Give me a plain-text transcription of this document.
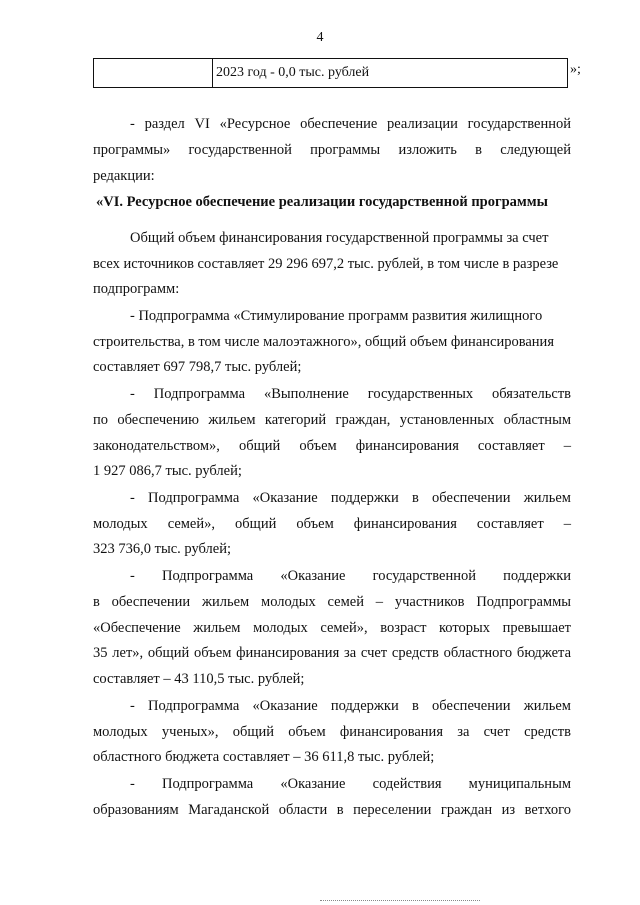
4
2023 год - 0,0 тыс. рублей	»;
- раздел VI «Ресурсное обеспечение реализации государственной
программы» государственной программы изложить в следующей
редакции:
«VI. Ресурсное обеспечение реализации государственной программы
Общий объем финансирования государственной программы за счет
всех источников составляет 29 296 697,2 тыс. рублей, в том числе в разрезе
подпрограмм:
- Подпрограмма «Стимулирование программ развития жилищного
строительства, в том числе малоэтажного», общий объем финансирования
составляет 697 798,7 тыс. рублей;
- Подпрограмма «Выполнение государственных обязательств
по обеспечению жильем категорий граждан, установленных областным
законодательством», общий объем финансирования составляет –
1 927 086,7 тыс. рублей;
- Подпрограмма «Оказание поддержки в обеспечении жильем
молодых семей», общий объем финансирования составляет –
323 736,0 тыс. рублей;
- Подпрограмма «Оказание государственной поддержки
в обеспечении жильем молодых семей – участников Подпрограммы
«Обеспечение жильем молодых семей», возраст которых превышает
35 лет», общий объем финансирования за счет средств областного бюджета
составляет – 43 110,5 тыс. рублей;
- Подпрограмма «Оказание поддержки в обеспечении жильем
молодых ученых», общий объем финансирования за счет средств
областного бюджета составляет – 36 611,8 тыс. рублей;
- Подпрограмма «Оказание содействия муниципальным
образованиям Магаданской области в переселении граждан из ветхого
